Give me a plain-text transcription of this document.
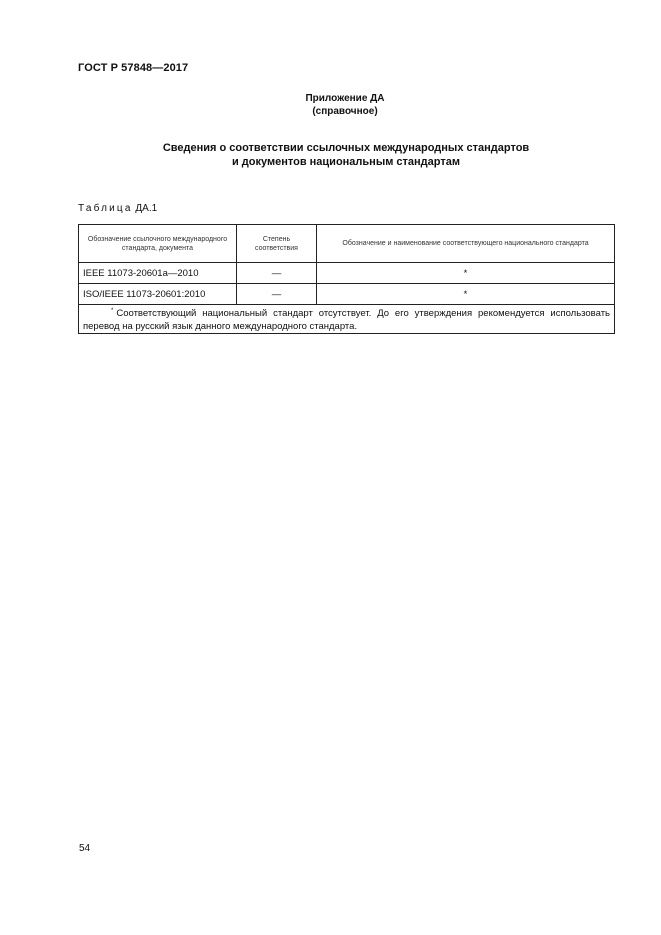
ГОСТ Р 57848—2017
Приложение ДА
(справочное)
Сведения о соответствии ссылочных международных стандартов
и документов национальным стандартам
Таблица ДА.1
Обозначение ссылочного международного стандарта, документа	Степень соответствия	Обозначение и наименование соответствующего национального стандарта
IEEE 11073-20601a—2010	—	*
ISO/IEEE 11073-20601:2010	—	*
* Соответствующий национальный стандарт отсутствует. До его утверждения рекомендуется использовать перевод на русский язык данного международного стандарта.		
54
